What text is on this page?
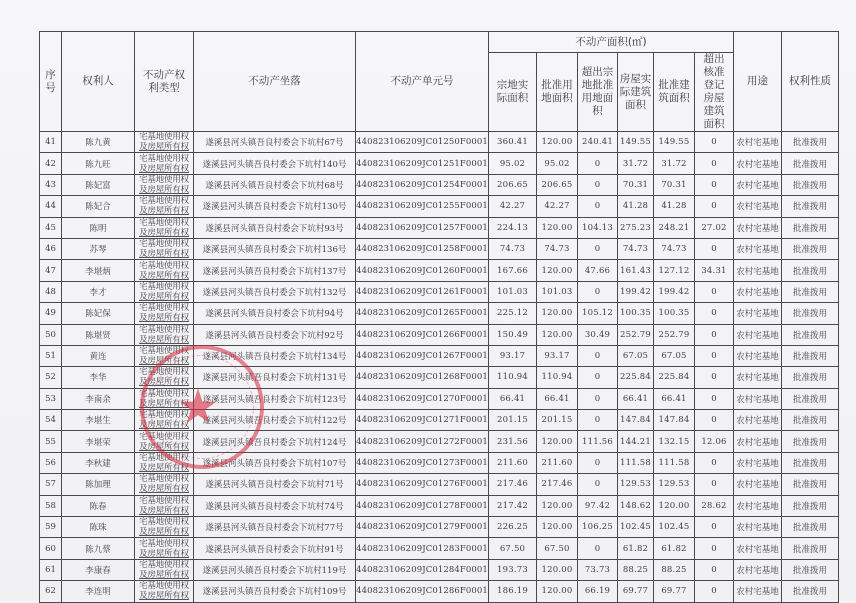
序号	权利人	不动产权利类型	不动产坐落	不动产单元号	不动产面积(㎡)						用途	权利性质
					宗地实际面积	批准用地面积	超出宗地批准用地面积	房屋实际建筑面积	批准建筑面积	超出核准登记房屋建筑面积		
41	陈九黄	宅基地使用权
及房屋所有权	遂溪县河头镇吾良村委会下坑村67号	440823106209JC01250F0001	360.41	120.00	240.41	149.55	149.55	0	农村宅基地	批准拨用
42	陈九旺	宅基地使用权
及房屋所有权	遂溪县河头镇吾良村委会下坑村140号	440823106209JC01251F0001	95.02	95.02	0	31.72	31.72	0	农村宅基地	批准拨用
43	陈妃富	宅基地使用权
及房屋所有权	遂溪县河头镇吾良村委会下坑村68号	440823106209JC01254F0001	206.65	206.65	0	70.31	70.31	0	农村宅基地	批准拨用
44	陈妃合	宅基地使用权
及房屋所有权	遂溪县河头镇吾良村委会下坑村130号	440823106209JC01255F0001	42.27	42.27	0	41.28	41.28	0	农村宅基地	批准拨用
45	陈明	宅基地使用权
及房屋所有权	遂溪县河头镇吾良村委会下坑村93号	440823106209JC01257F0001	224.13	120.00	104.13	275.23	248.21	27.02	农村宅基地	批准拨用
46	苏琴	宅基地使用权
及房屋所有权	遂溪县河头镇吾良村委会下坑村136号	440823106209JC01258F0001	74.73	74.73	0	74.73	74.73	0	农村宅基地	批准拨用
47	李堪炳	宅基地使用权
及房屋所有权	遂溪县河头镇吾良村委会下坑村137号	440823106209JC01260F0001	167.66	120.00	47.66	161.43	127.12	34.31	农村宅基地	批准拨用
48	李才	宅基地使用权
及房屋所有权	遂溪县河头镇吾良村委会下坑村132号	440823106209JC01261F0001	101.03	101.03	0	199.42	199.42	0	农村宅基地	批准拨用
49	陈妃保	宅基地使用权
及房屋所有权	遂溪县河头镇吾良村委会下坑村94号	440823106209JC01265F0001	225.12	120.00	105.12	100.35	100.35	0	农村宅基地	批准拨用
50	陈堪贤	宅基地使用权
及房屋所有权	遂溪县河头镇吾良村委会下坑村92号	440823106209JC01266F0001	150.49	120.00	30.49	252.79	252.79	0	农村宅基地	批准拨用
51	黄连	宅基地使用权
及房屋所有权	遂溪县河头镇吾良村委会下坑村134号	440823106209JC01267F0001	93.17	93.17	0	67.05	67.05	0	农村宅基地	批准拨用
52	李华	宅基地使用权
及房屋所有权	遂溪县河头镇吾良村委会下坑村131号	440823106209JC01268F0001	110.94	110.94	0	225.84	225.84	0	农村宅基地	批准拨用
53	李南余	宅基地使用权
及房屋所有权	遂溪县河头镇吾良村委会下坑村123号	440823106209JC01270F0001	66.41	66.41	0	66.41	66.41	0	农村宅基地	批准拨用
54	李堪生	宅基地使用权
及房屋所有权	遂溪县河头镇吾良村委会下坑村122号	440823106209JC01271F0001	201.15	201.15	0	147.84	147.84	0	农村宅基地	批准拨用
55	李堪荣	宅基地使用权
及房屋所有权	遂溪县河头镇吾良村委会下坑村124号	440823106209JC01272F0001	231.56	120.00	111.56	144.21	132.15	12.06	农村宅基地	批准拨用
56	李秋建	宅基地使用权
及房屋所有权	遂溪县河头镇吾良村委会下坑村107号	440823106209JC01273F0001	211.60	211.60	0	111.58	111.58	0	农村宅基地	批准拨用
57	陈加理	宅基地使用权
及房屋所有权	遂溪县河头镇吾良村委会下坑村71号	440823106209JC01276F0001	217.46	217.46	0	129.53	129.53	0	农村宅基地	批准拨用
58	陈春	宅基地使用权
及房屋所有权	遂溪县河头镇吾良村委会下坑村74号	440823106209JC01278F0001	217.42	120.00	97.42	148.62	120.00	28.62	农村宅基地	批准拨用
59	陈珠	宅基地使用权
及房屋所有权	遂溪县河头镇吾良村委会下坑村77号	440823106209JC01279F0001	226.25	120.00	106.25	102.45	102.45	0	农村宅基地	批准拨用
60	陈九蔡	宅基地使用权
及房屋所有权	遂溪县河头镇吾良村委会下坑村91号	440823106209JC01283F0001	67.50	67.50	0	61.82	61.82	0	农村宅基地	批准拨用
61	李康春	宅基地使用权
及房屋所有权	遂溪县河头镇吾良村委会下坑村119号	440823106209JC01284F0001	193.73	120.00	73.73	88.25	88.25	0	农村宅基地	批准拨用
62	李连明	宅基地使用权
及房屋所有权	遂溪县河头镇吾良村委会下坑村109号	440823106209JC01286F0001	186.19	120.00	66.19	69.77	69.77	0	农村宅基地	批准拨用
★
